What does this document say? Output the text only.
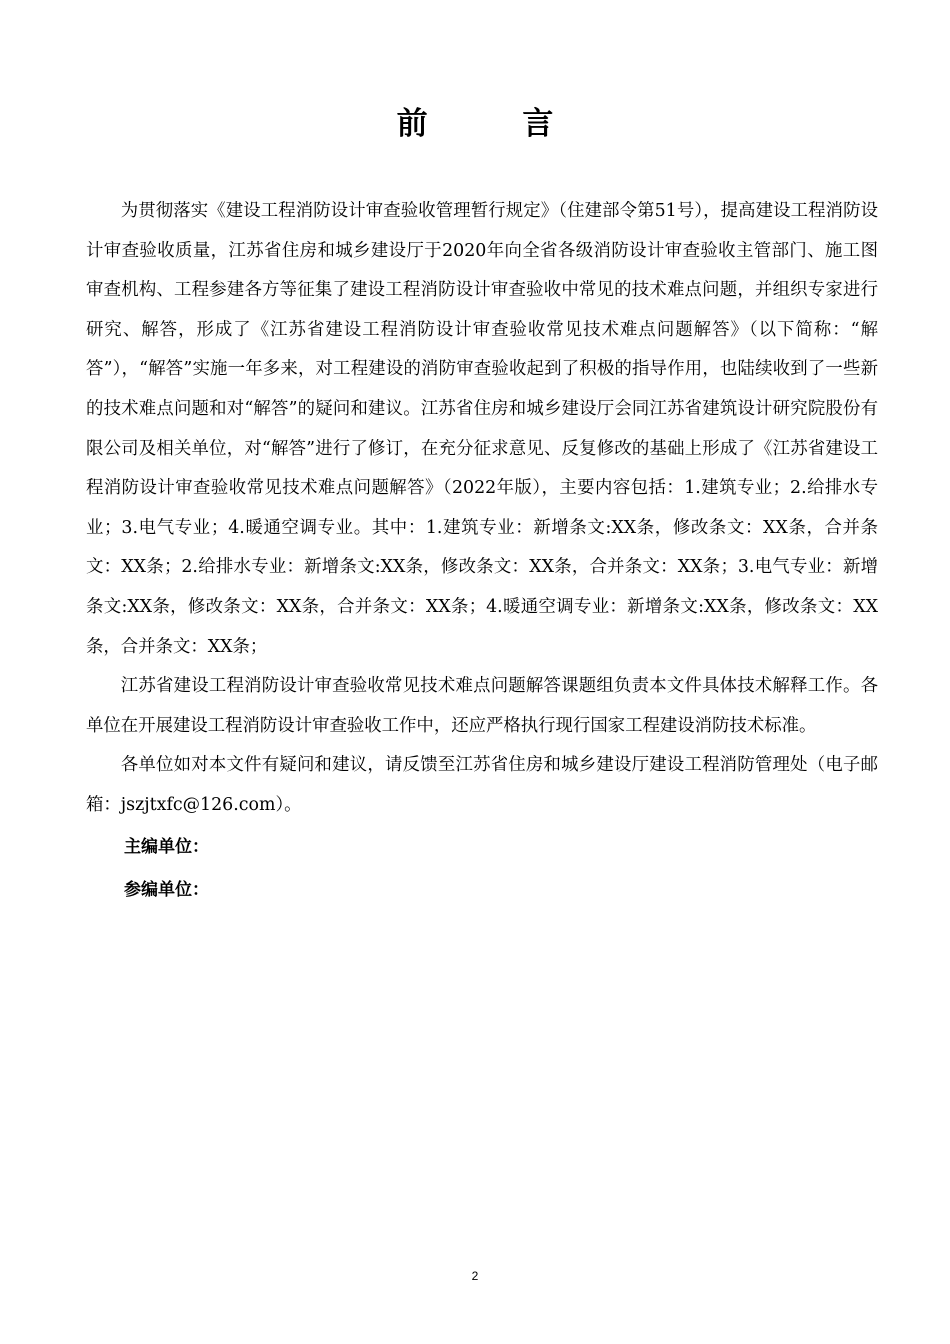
前 言

为贯彻落实《建设工程消防设计审查验收管理暂行规定》（住建部令第51号），提高建设工程消防设计审查验收质量，江苏省住房和城乡建设厅于2020年向全省各级消防设计审查验收主管部门、施工图审查机构、工程参建各方等征集了建设工程消防设计审查验收中常见的技术难点问题，并组织专家进行研究、解答，形成了《江苏省建设工程消防设计审查验收常见技术难点问题解答》（以下简称：“解答”），“解答”实施一年多来，对工程建设的消防审查验收起到了积极的指导作用，也陆续收到了一些新的技术难点问题和对“解答”的疑问和建议。江苏省住房和城乡建设厅会同江苏省建筑设计研究院股份有限公司及相关单位，对“解答”进行了修订，在充分征求意见、反复修改的基础上形成了《江苏省建设工程消防设计审查验收常见技术难点问题解答》（2022年版），主要内容包括：1.建筑专业；2.给排水专业；3.电气专业；4.暖通空调专业。其中：1.建筑专业：新增条文:XX条，修改条文：XX条，合并条文：XX条；2.给排水专业：新增条文:XX条，修改条文：XX条，合并条文：XX条；3.电气专业：新增条文:XX条，修改条文：XX条，合并条文：XX条；4.暖通空调专业：新增条文:XX条，修改条文：XX条，合并条文：XX条；

江苏省建设工程消防设计审查验收常见技术难点问题解答课题组负责本文件具体技术解释工作。各单位在开展建设工程消防设计审查验收工作中，还应严格执行现行国家工程建设消防技术标准。

各单位如对本文件有疑问和建议，请反馈至江苏省住房和城乡建设厅建设工程消防管理处（电子邮箱：jszjtxfc@126.com）。

主编单位：

参编单位：

2
